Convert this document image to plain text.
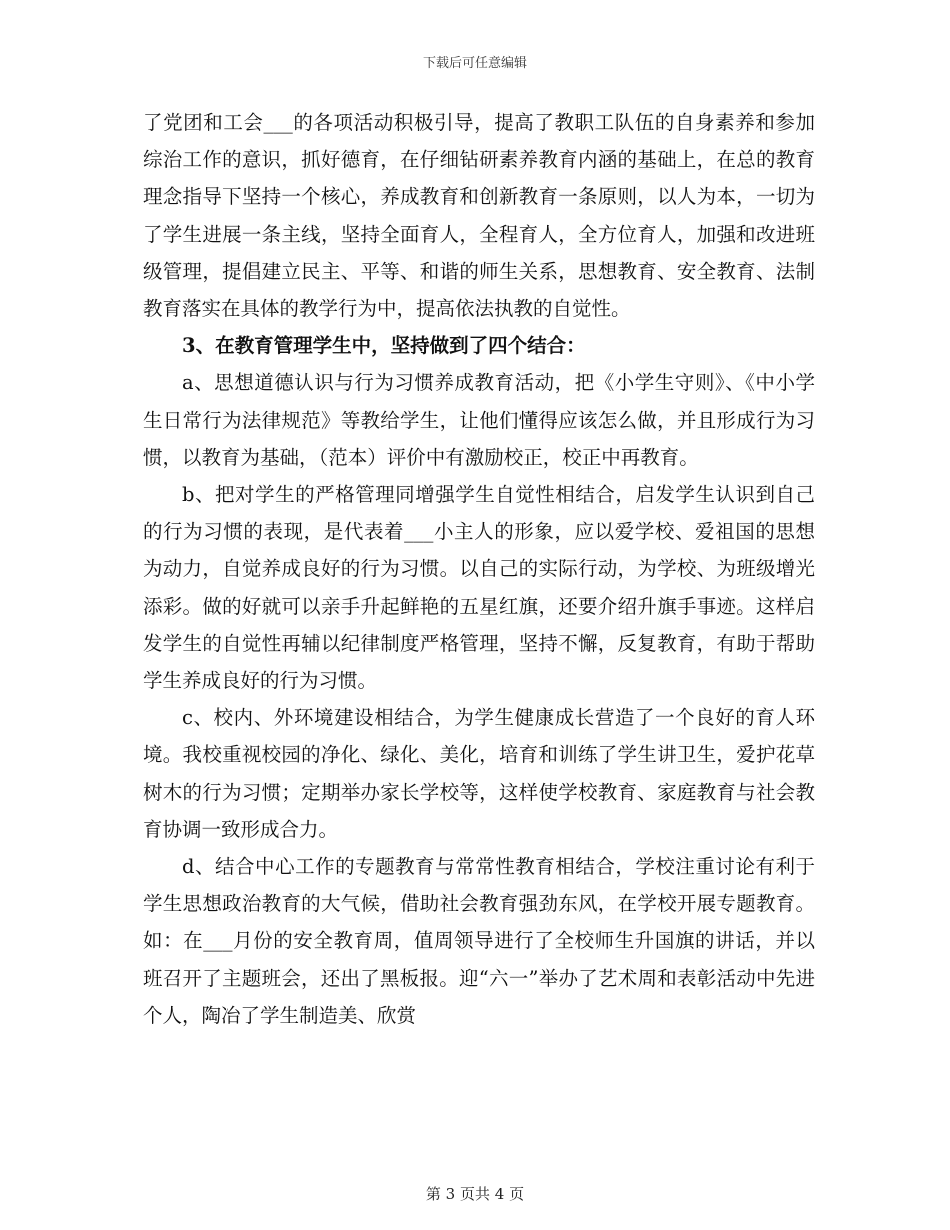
下载后可任意编辑

了党团和工会___的各项活动积极引导，提高了教职工队伍的自身素养和参加综治工作的意识，抓好德育，在仔细钻研素养教育内涵的基础上，在总的教育理念指导下坚持一个核心，养成教育和创新教育一条原则，以人为本，一切为了学生进展一条主线，坚持全面育人，全程育人，全方位育人，加强和改进班级管理，提倡建立民主、平等、和谐的师生关系，思想教育、安全教育、法制教育落实在具体的教学行为中，提高依法执教的自觉性。

3、在教育管理学生中，坚持做到了四个结合：

a、思想道德认识与行为习惯养成教育活动，把《小学生守则》、《中小学生日常行为法律规范》等教给学生，让他们懂得应该怎么做，并且形成行为习惯，以教育为基础，（范本）评价中有激励校正，校正中再教育。

b、把对学生的严格管理同增强学生自觉性相结合，启发学生认识到自己的行为习惯的表现，是代表着___小主人的形象，应以爱学校、爱祖国的思想为动力，自觉养成良好的行为习惯。以自己的实际行动，为学校、为班级增光添彩。做的好就可以亲手升起鲜艳的五星红旗，还要介绍升旗手事迹。这样启发学生的自觉性再辅以纪律制度严格管理，坚持不懈，反复教育，有助于帮助学生养成良好的行为习惯。

c、校内、外环境建设相结合，为学生健康成长营造了一个良好的育人环境。我校重视校园的净化、绿化、美化，培育和训练了学生讲卫生，爱护花草树木的行为习惯；定期举办家长学校等，这样使学校教育、家庭教育与社会教育协调一致形成合力。

d、结合中心工作的专题教育与常常性教育相结合，学校注重讨论有利于学生思想政治教育的大气候，借助社会教育强劲东风，在学校开展专题教育。如：在___月份的安全教育周，值周领导进行了全校师生升国旗的讲话，并以班召开了主题班会，还出了黑板报。迎“六一”举办了艺术周和表彰活动中先进个人，陶冶了学生制造美、欣赏

第 3 页共 4 页
